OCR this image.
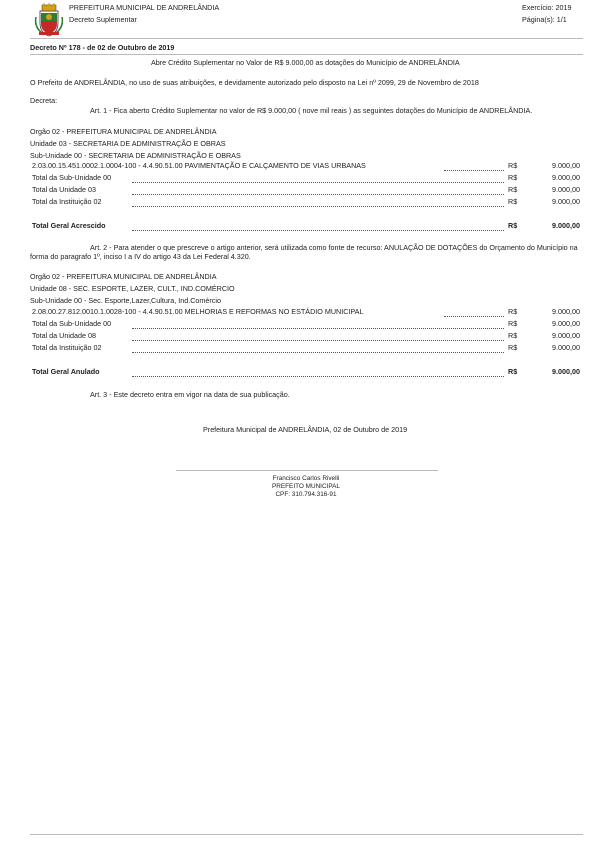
PREFEITURA MUNICIPAL DE ANDRELÂNDIA
Decreto Suplementar
Exercício: 2019
Página(s): 1/1
Decreto Nº 178 - de 02 de Outubro de 2019
Abre Crédito Suplementar no Valor de R$ 9.000,00 as dotações do Município de ANDRELÂNDIA
O Prefeito de ANDRELÂNDIA, no uso de suas atribuições, e devidamente autorizado pelo disposto na Lei nº 2099, 29 de Novembro de 2018
Decreta:
Art. 1 - Fica aberto Crédito Suplementar no valor de R$ 9.000,00 ( nove mil reais ) as seguintes dotações do Município de ANDRELÂNDIA.
Orgão 02 - PREFEITURA MUNICIPAL DE ANDRELÂNDIA
Unidade 03 - SECRETARIA DE ADMINISTRAÇÃO E OBRAS
Sub-Unidade 00 - SECRETARIA DE ADMINISTRAÇÃO E OBRAS
2.03.00.15.451.0002.1.0004-100 - 4.4.90.51.00 PAVIMENTAÇÃO E CALÇAMENTO DE VIAS URBANAS	R$	9.000,00
Total da Sub-Unidade 00	R$	9.000,00
Total da Unidade 03	R$	9.000,00
Total da Instituição 02	R$	9.000,00
Total Geral Acrescido	R$	9.000,00
Art. 2 - Para atender o que prescreve o artigo anterior, será utilizada como fonte de recurso: ANULAÇÃO DE DOTAÇÕES do Orçamento do Município na forma do paragrafo 1º, inciso I a IV do artigo 43 da Lei Federal 4.320.
Orgão 02 - PREFEITURA MUNICIPAL DE ANDRELÂNDIA
Unidade 08 - SEC. ESPORTE, LAZER, CULT., IND.COMÉRCIO
Sub-Unidade 00 - Sec. Esporte,Lazer,Cultura, Ind.Comércio
2.08.00.27.812.0010.1.0028-100 - 4.4.90.51.00 MELHORIAS E REFORMAS NO ESTÁDIO MUNICIPAL	R$	9.000,00
Total da Sub-Unidade 00	R$	9.000,00
Total da Unidade 08	R$	9.000,00
Total da Instituição 02	R$	9.000,00
Total Geral Anulado	R$	9.000,00
Art. 3 - Este decreto entra em vigor na data de sua publicação.
Prefeitura Municipal de ANDRELÂNDIA, 02 de Outubro de 2019
Francisco Carlos Rivelli
PREFEITO MUNICIPAL
CPF: 310.794.316-91
